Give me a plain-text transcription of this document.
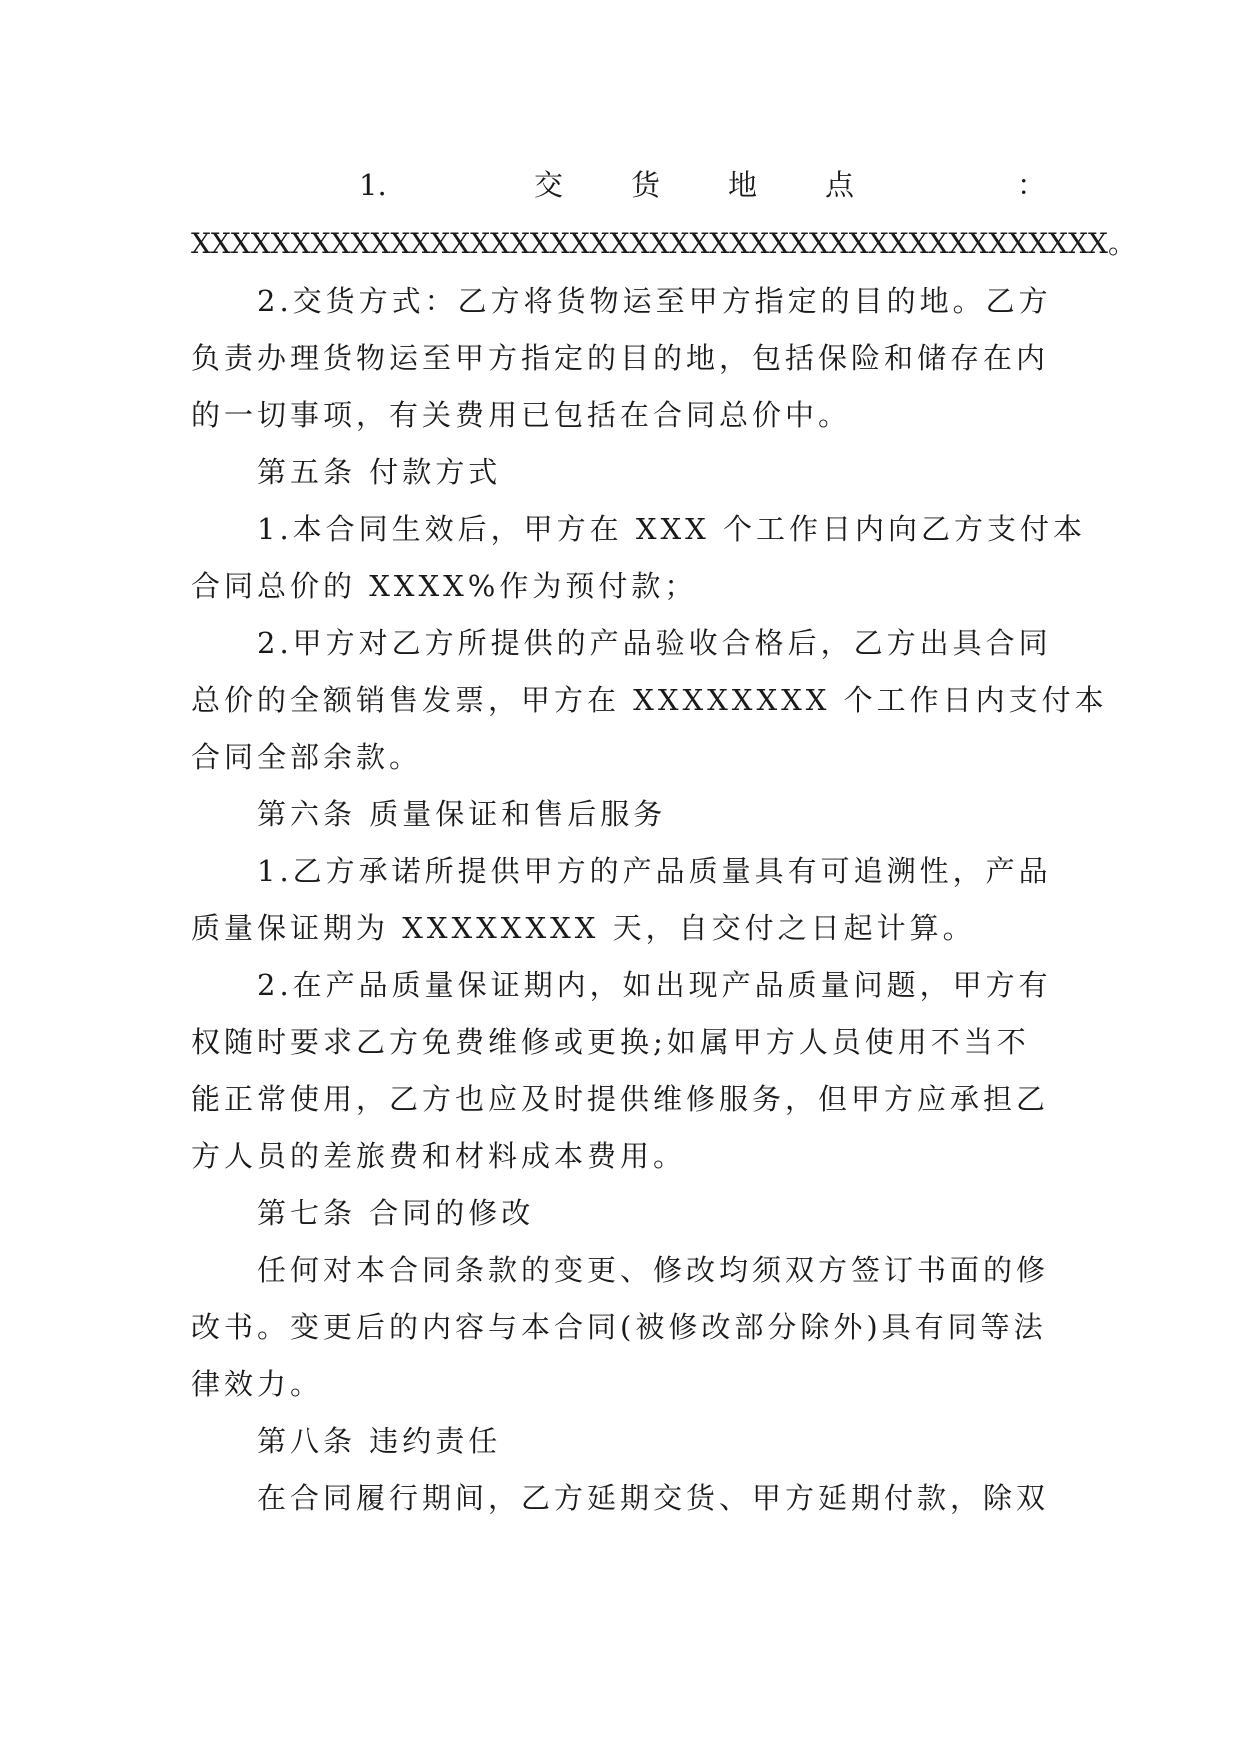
1.	交 货 地 点	：
XXXXXXXXXXXXXXXXXXXXXXXXXXXXXXXXXXXXXXXXXXXXXX。
2.交货方式：乙方将货物运至甲方指定的目的地。乙方
负责办理货物运至甲方指定的目的地，包括保险和储存在内
的一切事项，有关费用已包括在合同总价中。
第五条 付款方式
1.本合同生效后，甲方在 XXX 个工作日内向乙方支付本
合同总价的 XXXX%作为预付款；
2.甲方对乙方所提供的产品验收合格后，乙方出具合同
总价的全额销售发票，甲方在 XXXXXXXX 个工作日内支付本
合同全部余款。
第六条 质量保证和售后服务
1.乙方承诺所提供甲方的产品质量具有可追溯性，产品
质量保证期为 XXXXXXXX 天，自交付之日起计算。
2.在产品质量保证期内，如出现产品质量问题，甲方有
权随时要求乙方免费维修或更换;如属甲方人员使用不当不
能正常使用，乙方也应及时提供维修服务，但甲方应承担乙
方人员的差旅费和材料成本费用。
第七条 合同的修改
任何对本合同条款的变更、修改均须双方签订书面的修
改书。变更后的内容与本合同(被修改部分除外)具有同等法
律效力。
第八条 违约责任
在合同履行期间，乙方延期交货、甲方延期付款，除双
